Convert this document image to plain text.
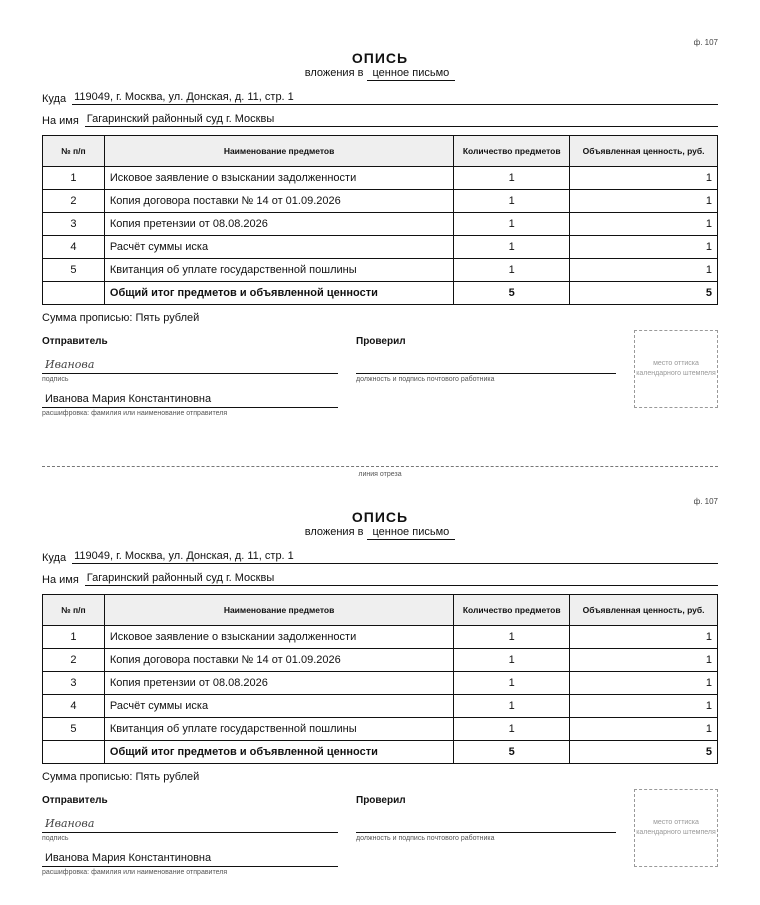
ф. 107
ОПИСЬ
вложения в ценное письмо
Куда 119049, г. Москва, ул. Донская, д. 11, стр. 1
На имя Гагаринский районный суд г. Москвы
№ п/п	Наименование предметов	Количество предметов	Объявленная ценность, руб.
1	Исковое заявление о взыскании задолженности	1	1
2	Копия договора поставки № 14 от 01.09.2026	1	1
3	Копия претензии от 08.08.2026	1	1
4	Расчёт суммы иска	1	1
5	Квитанция об уплате государственной пошлины	1	1
	Общий итог предметов и объявленной ценности	5	5
Сумма прописью: Пять рублей
Отправитель
Иванова
подпись
Иванова Мария Константиновна
расшифровка: фамилия или наименование отправителя
Проверил
должность и подпись почтового работника
место оттиска календарного штемпеля
линия отреза
ф. 107
ОПИСЬ
вложения в ценное письмо
Куда 119049, г. Москва, ул. Донская, д. 11, стр. 1
На имя Гагаринский районный суд г. Москвы
№ п/п	Наименование предметов	Количество предметов	Объявленная ценность, руб.
1	Исковое заявление о взыскании задолженности	1	1
2	Копия договора поставки № 14 от 01.09.2026	1	1
3	Копия претензии от 08.08.2026	1	1
4	Расчёт суммы иска	1	1
5	Квитанция об уплате государственной пошлины	1	1
	Общий итог предметов и объявленной ценности	5	5
Сумма прописью: Пять рублей
Отправитель
Иванова
подпись
Иванова Мария Константиновна
расшифровка: фамилия или наименование отправителя
Проверил
должность и подпись почтового работника
место оттиска календарного штемпеля
